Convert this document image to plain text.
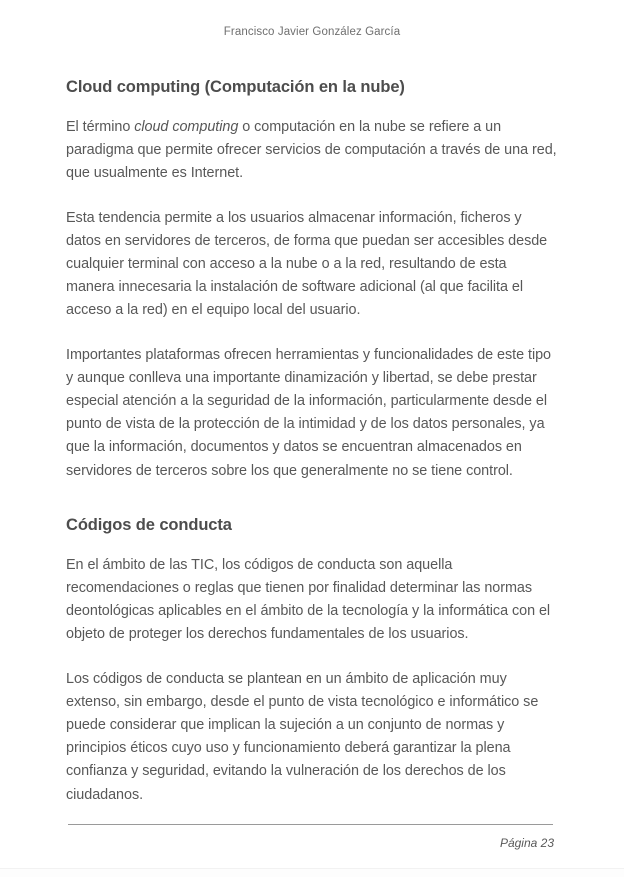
Francisco Javier González García
Cloud computing (Computación en la nube)

El término cloud computing o computación en la nube se refiere a un paradigma que permite ofrecer servicios de computación a través de una red, que usualmente es Internet.

Esta tendencia permite a los usuarios almacenar información, ficheros y datos en servidores de terceros, de forma que puedan ser accesibles desde cualquier terminal con acceso a la nube o a la red, resultando de esta manera innecesaria la instalación de software adicional (al que facilita el acceso a la red) en el equipo local del usuario.

Importantes plataformas ofrecen herramientas y funcionalidades de este tipo y aunque conlleva una importante dinamización y libertad, se debe prestar especial atención a la seguridad de la información, particularmente desde el punto de vista de la protección de la intimidad y de los datos personales, ya que la información, documentos y datos se encuentran almacenados en servidores de terceros sobre los que generalmente no se tiene control.

Códigos de conducta

En el ámbito de las TIC, los códigos de conducta son aquella recomendaciones o reglas que tienen por finalidad determinar las normas deontológicas aplicables en el ámbito de la tecnología y la informática con el objeto de proteger los derechos fundamentales de los usuarios.

Los códigos de conducta se plantean en un ámbito de aplicación muy extenso, sin embargo, desde el punto de vista tecnológico e informático se puede considerar que implican la sujeción a un conjunto de normas y principios éticos cuyo uso y funcionamiento deberá garantizar la plena confianza y seguridad, evitando la vulneración de los derechos de los ciudadanos.

Página 23
